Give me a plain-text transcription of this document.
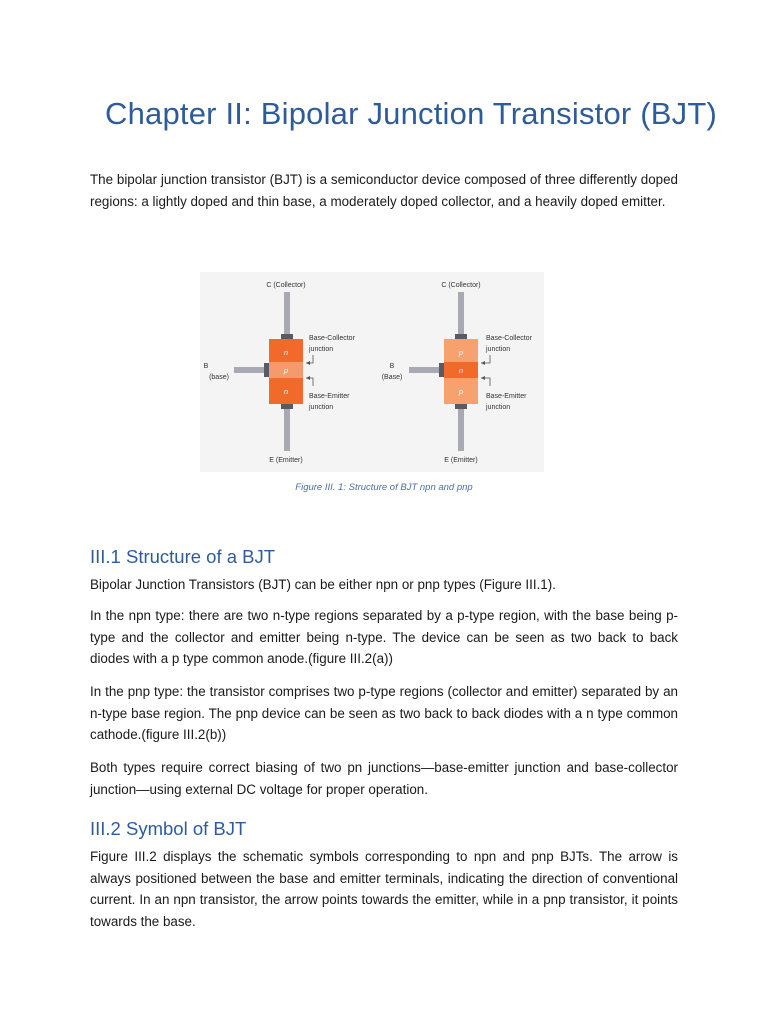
Chapter II: Bipolar Junction Transistor (BJT)

The bipolar junction transistor (BJT) is a semiconductor device composed of three differently doped regions: a lightly doped and thin base, a moderately doped collector, and a heavily doped emitter.

C (Collector)
n
p
n
B
(base)
Base-Collector
junction
Base-Emitter
junction
E (Emitter)
C (Collector)
p
n
p
B
(Base)
Base-Collector
junction
Base-Emitter
junction
E (Emitter)
Figure III. 1: Structure of BJT npn and pnp
III.1 Structure of a BJT

Bipolar Junction Transistors (BJT) can be either npn or pnp types (Figure III.1).

In the npn type: there are two n-type regions separated by a p-type region, with the base being p-type and the collector and emitter being n-type. The device can be seen as two back to back diodes with a p type common anode.(figure III.2(a))

In the pnp type: the transistor comprises two p-type regions (collector and emitter) separated by an n-type base region. The pnp device can be seen as two back to back diodes with a n type common cathode.(figure III.2(b))

Both types require correct biasing of two pn junctions—base-emitter junction and base-collector junction—using external DC voltage for proper operation.

III.2 Symbol of BJT

Figure III.2 displays the schematic symbols corresponding to npn and pnp BJTs. The arrow is always positioned between the base and emitter terminals, indicating the direction of conventional current. In an npn transistor, the arrow points towards the emitter, while in a pnp transistor, it points towards the base.
